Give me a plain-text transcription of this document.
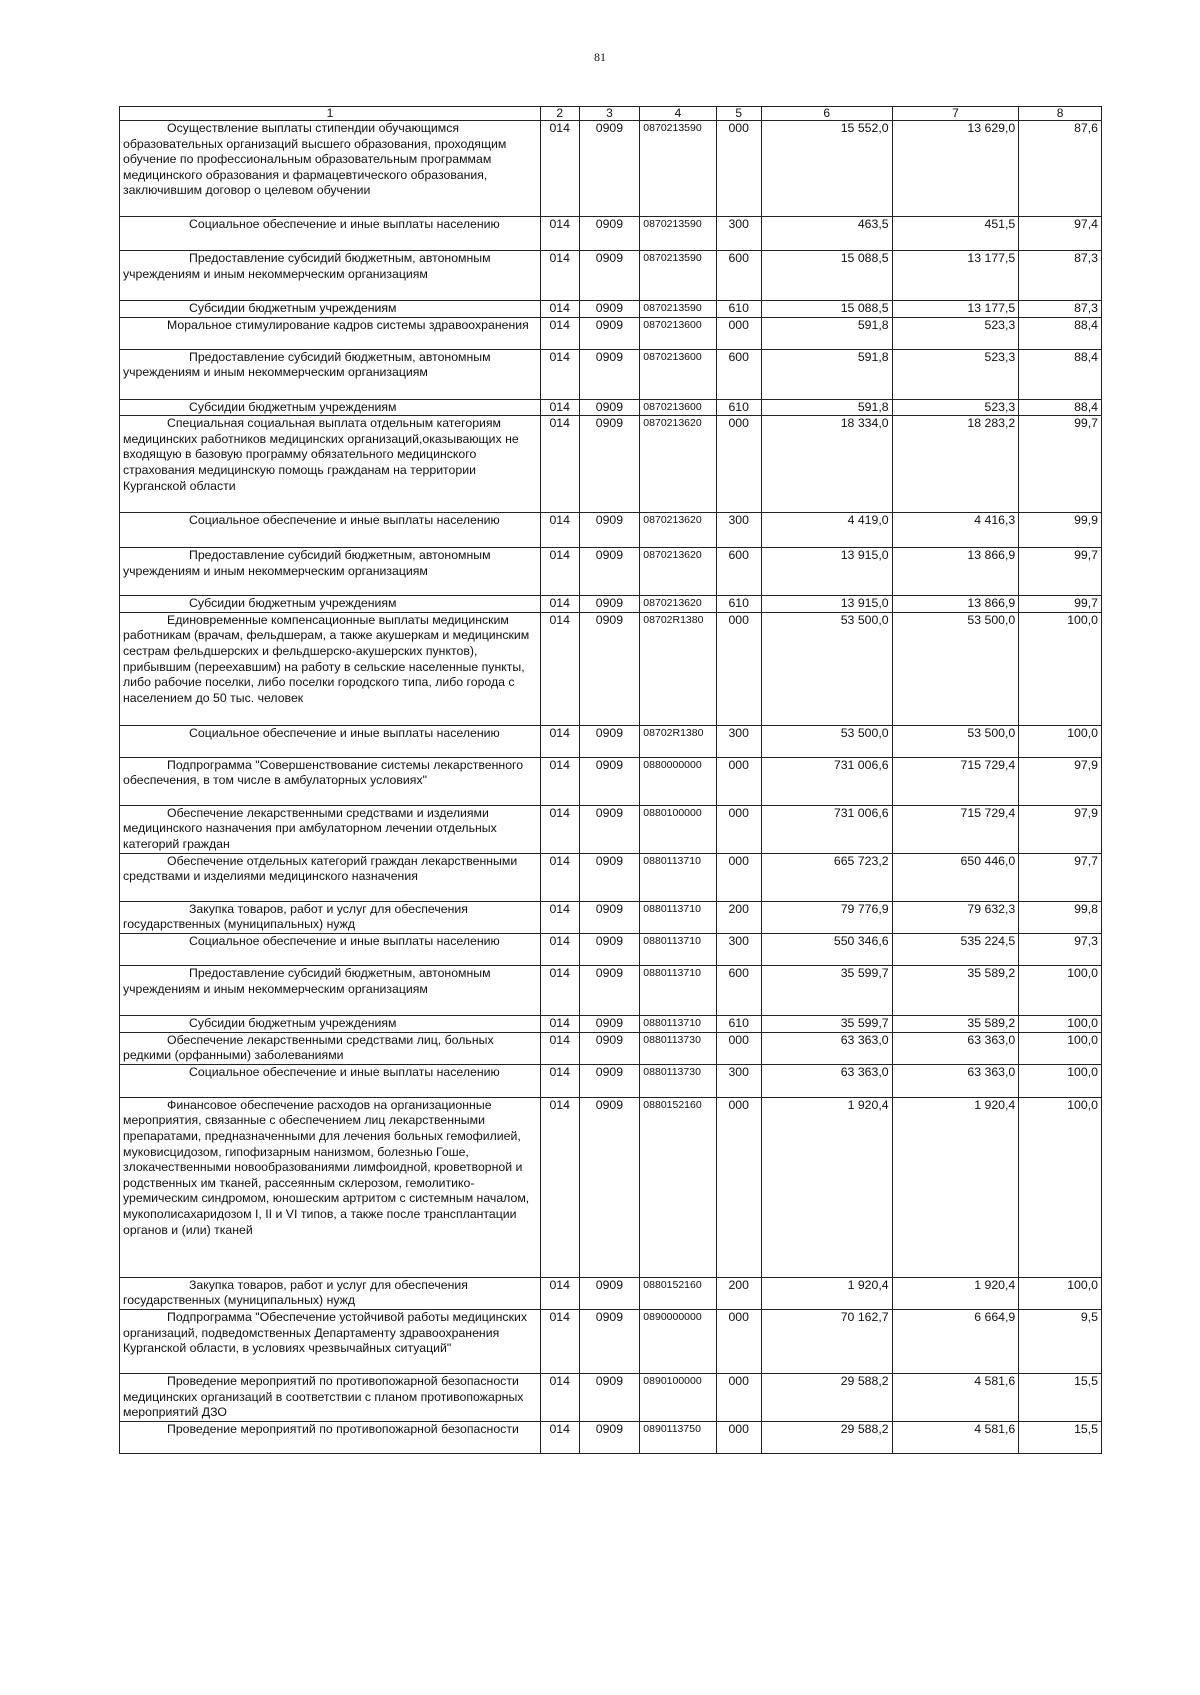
81
1	2	3	4	5	6	7	8
Осуществление выплаты стипендии обучающимся образовательных организаций высшего образования, проходящим обучение по профессиональным образовательным программам медицинского образования и фармацевтического образования, заключившим договор о целевом обучении	014	0909	0870213590	000	15 552,0	13 629,0	87,6
Социальное обеспечение и иные выплаты населению	014	0909	0870213590	300	463,5	451,5	97,4
Предоставление субсидий бюджетным, автономным учреждениям и иным некоммерческим организациям	014	0909	0870213590	600	15 088,5	13 177,5	87,3
Субсидии бюджетным учреждениям	014	0909	0870213590	610	15 088,5	13 177,5	87,3
Моральное стимулирование кадров системы здравоохранения	014	0909	0870213600	000	591,8	523,3	88,4
Предоставление субсидий бюджетным, автономным учреждениям и иным некоммерческим организациям	014	0909	0870213600	600	591,8	523,3	88,4
Субсидии бюджетным учреждениям	014	0909	0870213600	610	591,8	523,3	88,4
Специальная социальная выплата отдельным категориям медицинских работников медицинских организаций,оказывающих не входящую в базовую программу обязательного медицинского страхования медицинскую помощь гражданам на территории Курганской области	014	0909	0870213620	000	18 334,0	18 283,2	99,7
Социальное обеспечение и иные выплаты населению	014	0909	0870213620	300	4 419,0	4 416,3	99,9
Предоставление субсидий бюджетным, автономным учреждениям и иным некоммерческим организациям	014	0909	0870213620	600	13 915,0	13 866,9	99,7
Субсидии бюджетным учреждениям	014	0909	0870213620	610	13 915,0	13 866,9	99,7
Единовременные компенсационные выплаты медицинским работникам (врачам, фельдшерам, а также акушеркам и медицинским сестрам фельдшерских и фельдшерско-акушерских пунктов), прибывшим (переехавшим) на работу в сельские населенные пункты, либо рабочие поселки, либо поселки городского типа, либо города с населением до 50 тыс. человек	014	0909	08702R1380	000	53 500,0	53 500,0	100,0
Социальное обеспечение и иные выплаты населению	014	0909	08702R1380	300	53 500,0	53 500,0	100,0
Подпрограмма "Совершенствование системы лекарственного обеспечения, в том числе в амбулаторных условиях"	014	0909	0880000000	000	731 006,6	715 729,4	97,9
Обеспечение лекарственными средствами и изделиями медицинского назначения при амбулаторном лечении отдельных категорий граждан	014	0909	0880100000	000	731 006,6	715 729,4	97,9
Обеспечение отдельных категорий граждан лекарственными средствами и изделиями медицинского назначения	014	0909	0880113710	000	665 723,2	650 446,0	97,7
Закупка товаров, работ и услуг для обеспечения государственных (муниципальных) нужд	014	0909	0880113710	200	79 776,9	79 632,3	99,8
Социальное обеспечение и иные выплаты населению	014	0909	0880113710	300	550 346,6	535 224,5	97,3
Предоставление субсидий бюджетным, автономным учреждениям и иным некоммерческим организациям	014	0909	0880113710	600	35 599,7	35 589,2	100,0
Субсидии бюджетным учреждениям	014	0909	0880113710	610	35 599,7	35 589,2	100,0
Обеспечение лекарственными средствами лиц, больных редкими (орфанными) заболеваниями	014	0909	0880113730	000	63 363,0	63 363,0	100,0
Социальное обеспечение и иные выплаты населению	014	0909	0880113730	300	63 363,0	63 363,0	100,0
Финансовое обеспечение расходов на организационные мероприятия, связанные с обеспечением лиц лекарственными препаратами, предназначенными для лечения больных гемофилией, муковисцидозом, гипофизарным нанизмом, болезнью Гоше, злокачественными новообразованиями лимфоидной, кроветворной и родственных им тканей, рассеянным склерозом, гемолитико-уремическим синдромом, юношеским артритом с системным началом, мукополисахаридозом I, II и VI типов, а также после трансплантации органов и (или) тканей	014	0909	0880152160	000	1 920,4	1 920,4	100,0
Закупка товаров, работ и услуг для обеспечения государственных (муниципальных) нужд	014	0909	0880152160	200	1 920,4	1 920,4	100,0
Подпрограмма "Обеспечение устойчивой работы медицинских организаций, подведомственных Департаменту здравоохранения Курганской области, в условиях чрезвычайных ситуаций"	014	0909	0890000000	000	70 162,7	6 664,9	9,5
Проведение мероприятий по противопожарной безопасности медицинских организаций в соответствии с планом противопожарных мероприятий ДЗО	014	0909	0890100000	000	29 588,2	4 581,6	15,5
Проведение мероприятий по противопожарной безопасности	014	0909	0890113750	000	29 588,2	4 581,6	15,5
